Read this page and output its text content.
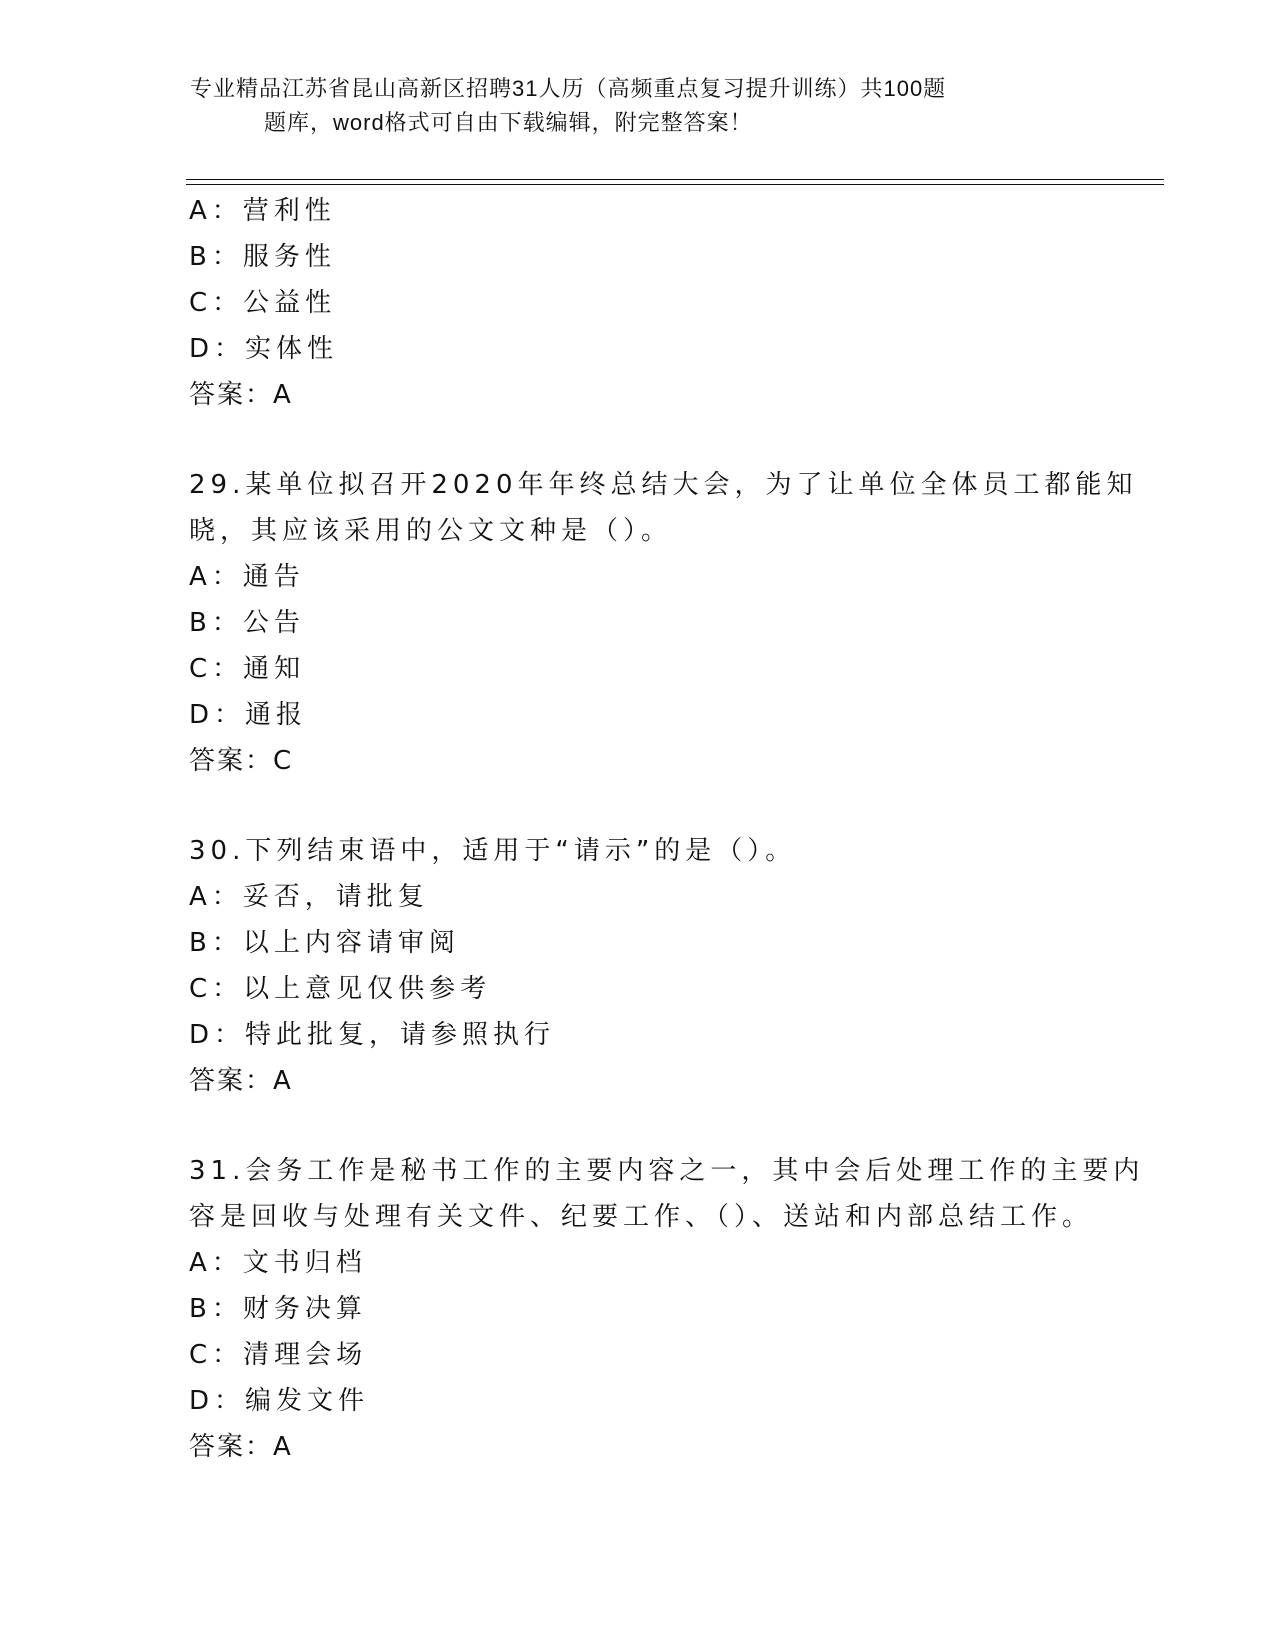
专业精品江苏省昆山高新区招聘31人历（高频重点复习提升训练）共100题
题库，word格式可自由下载编辑，附完整答案！
A：营利性
B：服务性
C：公益性
D：实体性
答案：A
29.某单位拟召开2020年年终总结大会，为了让单位全体员工都能知
晓，其应该采用的公文文种是（）。
A：通告
B：公告
C：通知
D：通报
答案：C
30.下列结束语中，适用于“请示”的是（）。
A：妥否，请批复
B：以上内容请审阅
C：以上意见仅供参考
D：特此批复，请参照执行
答案：A
31.会务工作是秘书工作的主要内容之一，其中会后处理工作的主要内
容是回收与处理有关文件、纪要工作、（）、送站和内部总结工作。
A：文书归档
B：财务决算
C：清理会场
D：编发文件
答案：A
